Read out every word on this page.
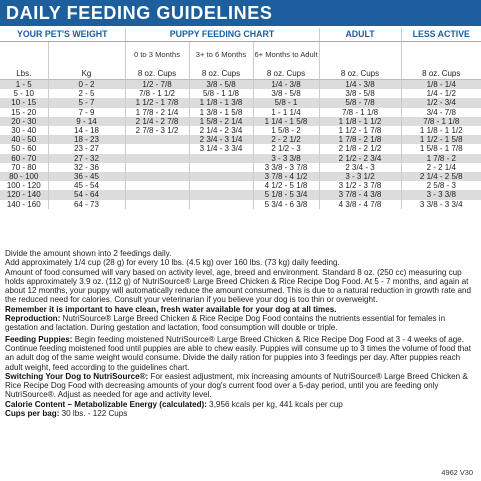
DAILY FEEDING GUIDELINES
YOUR PET'S WEIGHT		PUPPY FEEDING CHART			ADULT	LESS ACTIVE
		0 to 3 Months	3+ to 6 Months	6+ Months to Adult		
Lbs.	Kg	8 oz. Cups	8 oz. Cups	8 oz. Cups	8 oz. Cups	8 oz. Cups
1 - 5	0 - 2	1/2 - 7/8	3/8 - 5/8	1/4 - 3/8	1/4 - 3/8	1/8 - 1/4
5 - 10	2 - 5	7/8 - 1 1/2	5/8 - 1 1/8	3/8 - 5/8	3/8 - 5/8	1/4 - 1/2
10 - 15	5 - 7	1 1/2 - 1 7/8	1 1/8 - 1 3/8	5/8 - 1	5/8 - 7/8	1/2 - 3/4
15 - 20	7 - 9	1 7/8 - 2 1/4	1 3/8 - 1 5/8	1 - 1 1/4	7/8 - 1 1/8	3/4 - 7/8
20 - 30	9 - 14	2 1/4 - 2 7/8	1 5/8 - 2 1/4	1 1/4 - 1 5/8	1 1/8 - 1 1/2	7/8 - 1 1/8
30 - 40	14 - 18	2 7/8 - 3 1/2	2 1/4 - 2 3/4	1 5/8 - 2	1 1/2 - 1 7/8	1 1/8 - 1 1/2
40 - 50	18 - 23		2 3/4 - 3 1/4	2 - 2 1/2	1 7/8 - 2 1/8	1 1/2 - 1 5/8
50 - 60	23 - 27		3 1/4 - 3 3/4	2 1/2 - 3	2 1/8 - 2 1/2	1 5/8 - 1 7/8
60 - 70	27 - 32			3 - 3 3/8	2 1/2 - 2 3/4	1 7/8 - 2
70 - 80	32 - 36			3 3/8 - 3 7/8	2 3/4 - 3	2 - 2 1/4
80 - 100	36 - 45			3 7/8 - 4 1/2	3 - 3 1/2	2 1/4 - 2 5/8
100 - 120	45 - 54			4 1/2 - 5 1/8	3 1/2 - 3 7/8	2 5/8 - 3
120 - 140	54 - 64			5 1/8 - 5 3/4	3 7/8 - 4 3/8	3 - 3 3/8
140 - 160	64 - 73			5 3/4 - 6 3/8	4 3/8 - 4 7/8	3 3/8 - 3 3/4

Divide the amount shown into 2 feedings daily.

Add approximately 1/4 cup (28 g) for every 10 lbs. (4.5 kg) over 160 lbs. (73 kg) daily feeding.

Amount of food consumed will vary based on activity level, age, breed and environment. Standard 8 oz. (250 cc) measuring cup holds approximately 3.9 oz. (112 g) of NutriSource® Large Breed Chicken & Rice Recipe Dog Food. At 5 - 7 months, and again at about 12 months, your puppy will automatically reduce the amount consumed. This is due to a natural reduction in growth rate and the reduced need for calories. Consult your veterinarian if you believe your dog is too thin or overweight.

Remember it is important to have clean, fresh water available for your dog at all times.

Reproduction: NutriSource® Large Breed Chicken & Rice Recipe Dog Food contains the nutrients essential for females in gestation and lactation. During gestation and lactation, food consumption will double or triple.

Feeding Puppies: Begin feeding moistened NutriSource® Large Breed Chicken & Rice Recipe Dog Food at 3 - 4 weeks of age. Continue feeding moistened food until puppies are able to chew easily. Puppies will consume up to 3 times the volume of food that an adult dog of the same weight would consume. Divide the daily ration for puppies into 3 feedings per day. After puppies reach adult weight, feed according to the guidelines chart.

Switching Your Dog to NutriSource®: For easiest adjustment, mix increasing amounts of NutriSource® Large Breed Chicken & Rice Recipe Dog Food with decreasing amounts of your dog's current food over a 5-day period, until you are feeding only NutriSource®. Adjust as needed for age and activity level.

Calorie Content – Metabolizable Energy (calculated): 3,956 kcals per kg, 441 kcals per cup

Cups per bag: 30 lbs. - 122 Cups

4962 V30
